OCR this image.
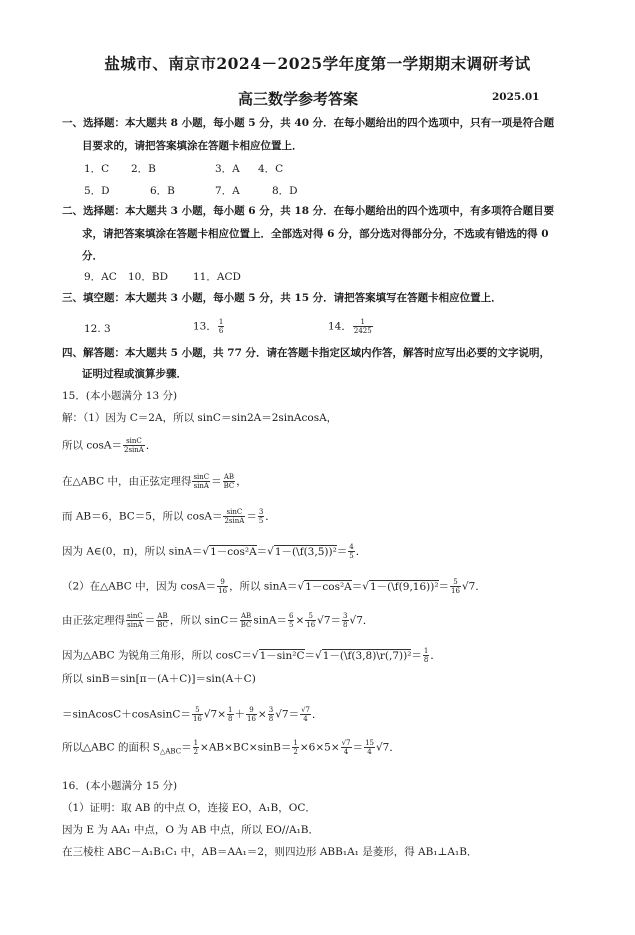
盐城市、南京市2024－2025学年度第一学期期末调研考试
高三数学参考答案	2025.01
一、选择题：本大题共 8 小题，每小题 5 分，共 40 分．在每小题给出的四个选项中，只有一项是符合题
目要求的，请把答案填涂在答题卡相应位置上．
1．C 2．B	3．A 4．C
5．D	6．B	7．A	8．D
二、选择题：本大题共 3 小题，每小题 6 分，共 18 分．在每小题给出的四个选项中，有多项符合题目要
求，请把答案填涂在答题卡相应位置上．全部选对得 6 分，部分选对得部分分，不选或有错选的得 0
分．
9．AC 10．BD 11．ACD
三、填空题：本大题共 3 小题，每小题 5 分，共 15 分．请把答案填写在答题卡相应位置上．
12. 3	13． $\frac{1}{6}$	14． $\frac{1}{2425}$
四、解答题：本大题共 5 小题，共 77 分．请在答题卡指定区域内作答，解答时应写出必要的文字说明，
证明过程或演算步骤．
15．(本小题满分 13 分)
解：（1）因为 C＝2A，所以 sinC＝sin2A＝2sinAcosA，
所以 $\cos A= \frac{\sin C}{2\sin A}$ ．
在△ABC 中，由正弦定理得 $\frac{\sin C}{\sin A} = \frac{AB}{BC}$ ，
而 AB＝6，BC＝5，所以 $\cos A= \frac{\sin C}{2\sin A} = \frac{3}{5}$ ．
因为 A∈(0，π)，所以 sinA＝√1－cos²A＝√1－(\f(3,5))²＝ $\frac{4}{5}$ ．
（2）在△ABC 中，因为 $\cos A= \frac{9}{16}$ ，所以 sinA＝√1－cos²A＝√1－(\f(9,16))²＝ $\frac{5}{16} √7$．
由正弦定理得 $\frac{\sin C}{\sin A} = \frac{AB}{BC}$ ，所以 $\sin C= \frac{AB}{BC} \sin A= \frac{6}{5} \times \frac{5}{16} √7= \frac{3}{8} √7$．
因为△ABC 为锐角三角形，所以 cosC＝√1－sin²C＝√1－(\f(3,8)\r(,7))²＝ $\frac{1}{8}$ ．
所以 sinB＝sin[π－(A＋C)]＝sin(A＋C)
＝sinAcosC＋cosAsinC＝ $\frac{5}{16} √7\times \frac{1}{8} + \frac{9}{16} \times \frac{3}{8} √7= \frac{√7}{4}$ ．
所以△ABC 的面积 $S_{\triangle ABC}= \frac{1}{2} \times AB\times BC\times\sin B= \frac{1}{2} \times 6\times 5\times \frac{√7}{4} = \frac{15}{4} √7$．
16．(本小题满分 15 分)
（1）证明：取 AB 的中点 O，连接 EO，A₁B，OC．
因为 E 为 AA₁ 中点，O 为 AB 中点，所以 EO//A₁B．
在三棱柱 ABC－A₁B₁C₁ 中，AB＝AA₁＝2，则四边形 ABB₁A₁ 是菱形，得 AB₁⊥A₁B．
